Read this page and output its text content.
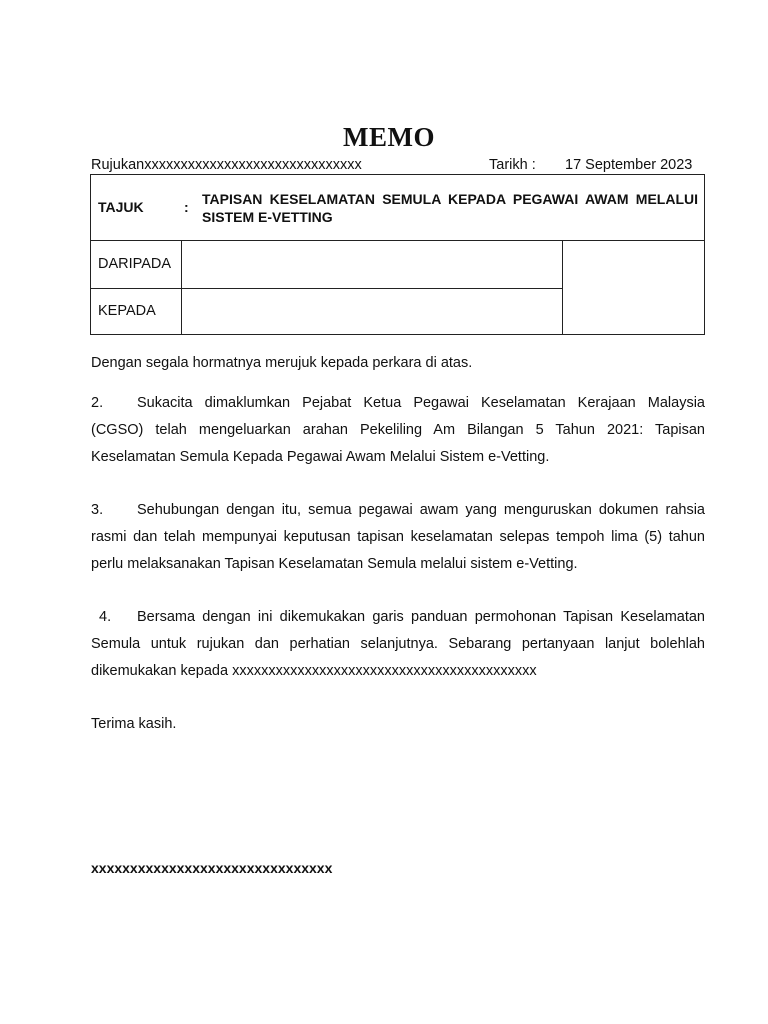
MEMO
Rujukanxxxxxxxxxxxxxxxxxxxxxxxxxxxxxx	Tarikh : 17 September 2023
TAJUK	: TAPISAN KESELAMATAN SEMULA KEPADA PEGAWAI AWAM MELALUI SISTEM E-VETTING
DARIPADA
KEPADA
Dengan segala hormatnya merujuk kepada perkara di atas.
2. Sukacita dimaklumkan Pejabat Ketua Pegawai Keselamatan Kerajaan Malaysia (CGSO) telah mengeluarkan arahan Pekeliling Am Bilangan 5 Tahun 2021: Tapisan Keselamatan Semula Kepada Pegawai Awam Melalui Sistem e-Vetting.
3. Sehubungan dengan itu, semua pegawai awam yang menguruskan dokumen rahsia rasmi dan telah mempunyai keputusan tapisan keselamatan selepas tempoh lima (5) tahun perlu melaksanakan Tapisan Keselamatan Semula melalui sistem e-Vetting.
4. Bersama dengan ini dikemukakan garis panduan permohonan Tapisan Keselamatan Semula untuk rujukan dan perhatian selanjutnya. Sebarang pertanyaan lanjut bolehlah dikemukakan kepada xxxxxxxxxxxxxxxxxxxxxxxxxxxxxxxxxxxxxxxxxx
Terima kasih.
xxxxxxxxxxxxxxxxxxxxxxxxxxxxxxx
